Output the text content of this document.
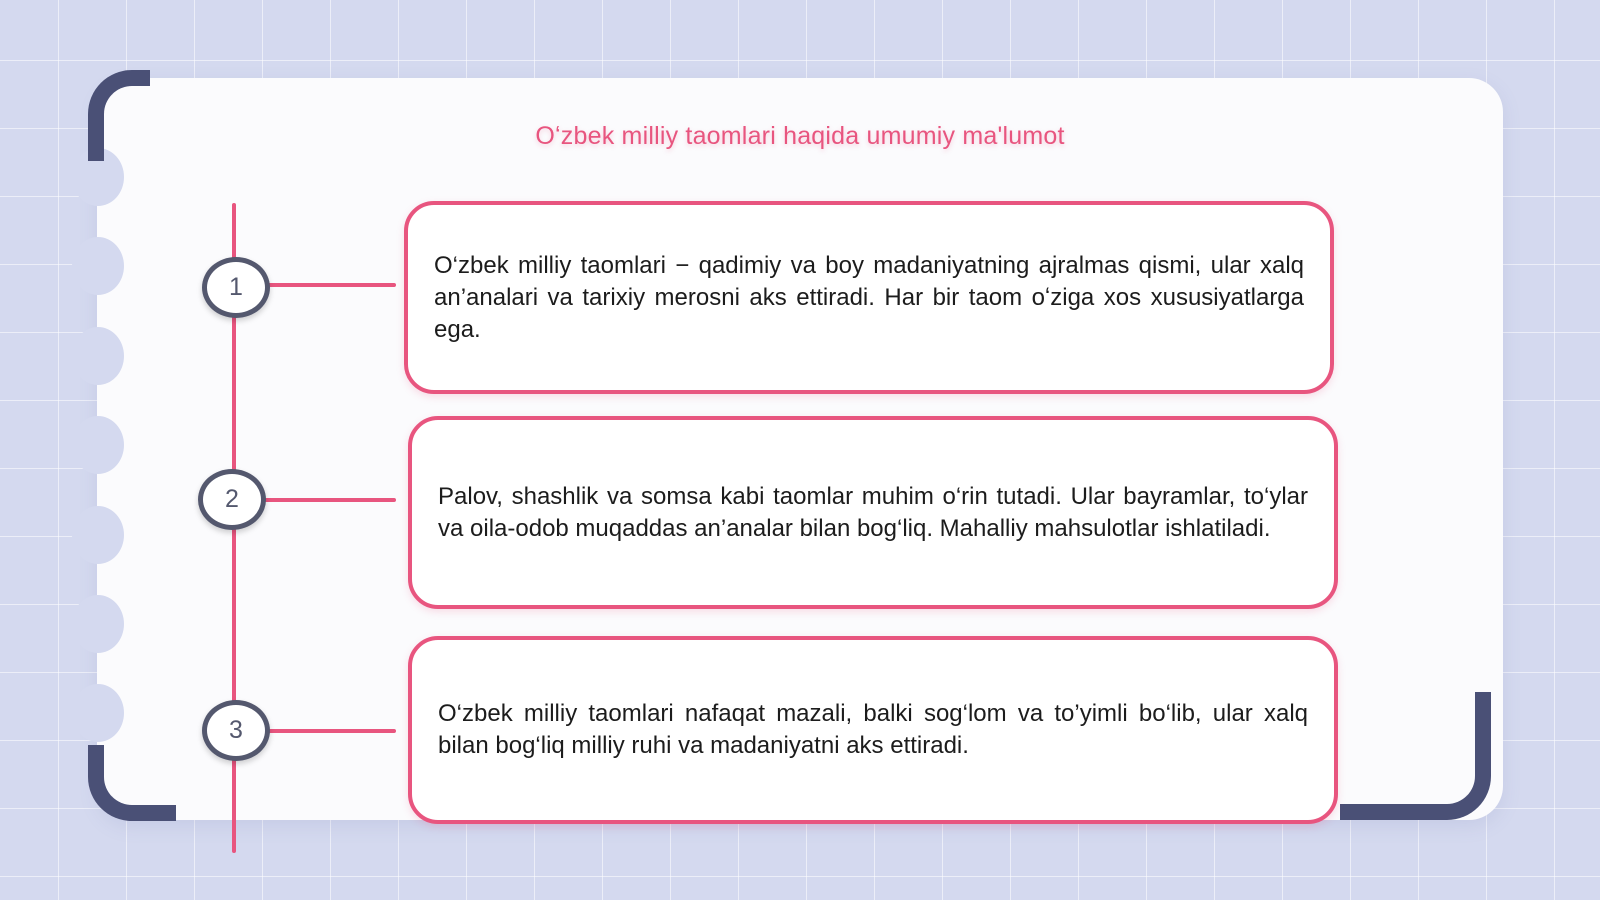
Oʻzbek milliy taomlari haqida umumiy ma'lumot
1
2
3

O‘zbek milliy taomlari − qadimiy va boy madaniyatning ajralmas qismi, ular xalq an’analari va tarixiy merosni aks ettiradi. Har bir taom oʻziga xos xususiyatlarga ega.

Palov, shashlik va somsa kabi taomlar muhim o‘rin tutadi. Ular bayramlar, to‘ylar va oila-odob muqaddas an’analar bilan bog‘liq. Mahalliy mahsulotlar ishlatiladi.

O‘zbek milliy taomlari nafaqat mazali, balki sog‘lom va to’yimli bo‘lib, ular xalq bilan bog‘liq milliy ruhi va madaniyatni aks ettiradi.
